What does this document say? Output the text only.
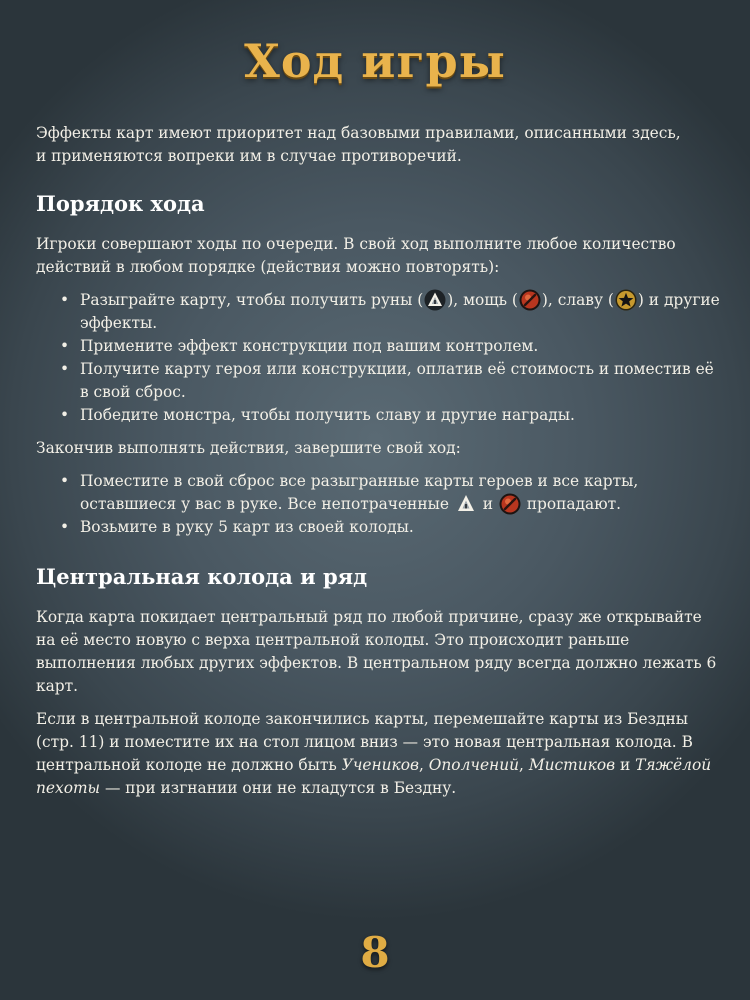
Ход игры

Эффекты карт имеют приоритет над базовыми правилами, описанными здесь,
и применяются вопреки им в случае противоречий.

Порядок хода

Игроки совершают ходы по очереди. В свой ход выполните любое количество действий в любом порядке (действия можно повторять):

• Разыграйте карту, чтобы получить руны ( ), мощь ( ), славу ( ) и другие эффекты.
• Примените эффект конструкции под вашим контролем.
• Получите карту героя или конструкции, оплатив её стоимость и поместив её в свой сброс.
• Победите монстра, чтобы получить славу и другие награды.

Закончив выполнять действия, завершите свой ход:

• Поместите в свой сброс все разыгранные карты героев и все карты, оставшиеся у вас в руке. Все непотраченные
и
пропадают.
• Возьмите в руку 5 карт из своей колоды.
Центральная колода и ряд

Когда карта покидает центральный ряд по любой причине, сразу же открывайте на её место новую с верха центральной колоды. Это происходит раньше выполнения любых других эффектов. В центральном ряду всегда должно лежать 6 карт.

Если в центральной колоде закончились карты, перемешайте карты из Бездны (стр. 11) и поместите их на стол лицом вниз — это новая центральная колода. В центральной колоде не должно быть Учеников, Ополчений, Мистиков и Тяжёлой пехоты — при изгнании они не кладутся в Бездну.

8
